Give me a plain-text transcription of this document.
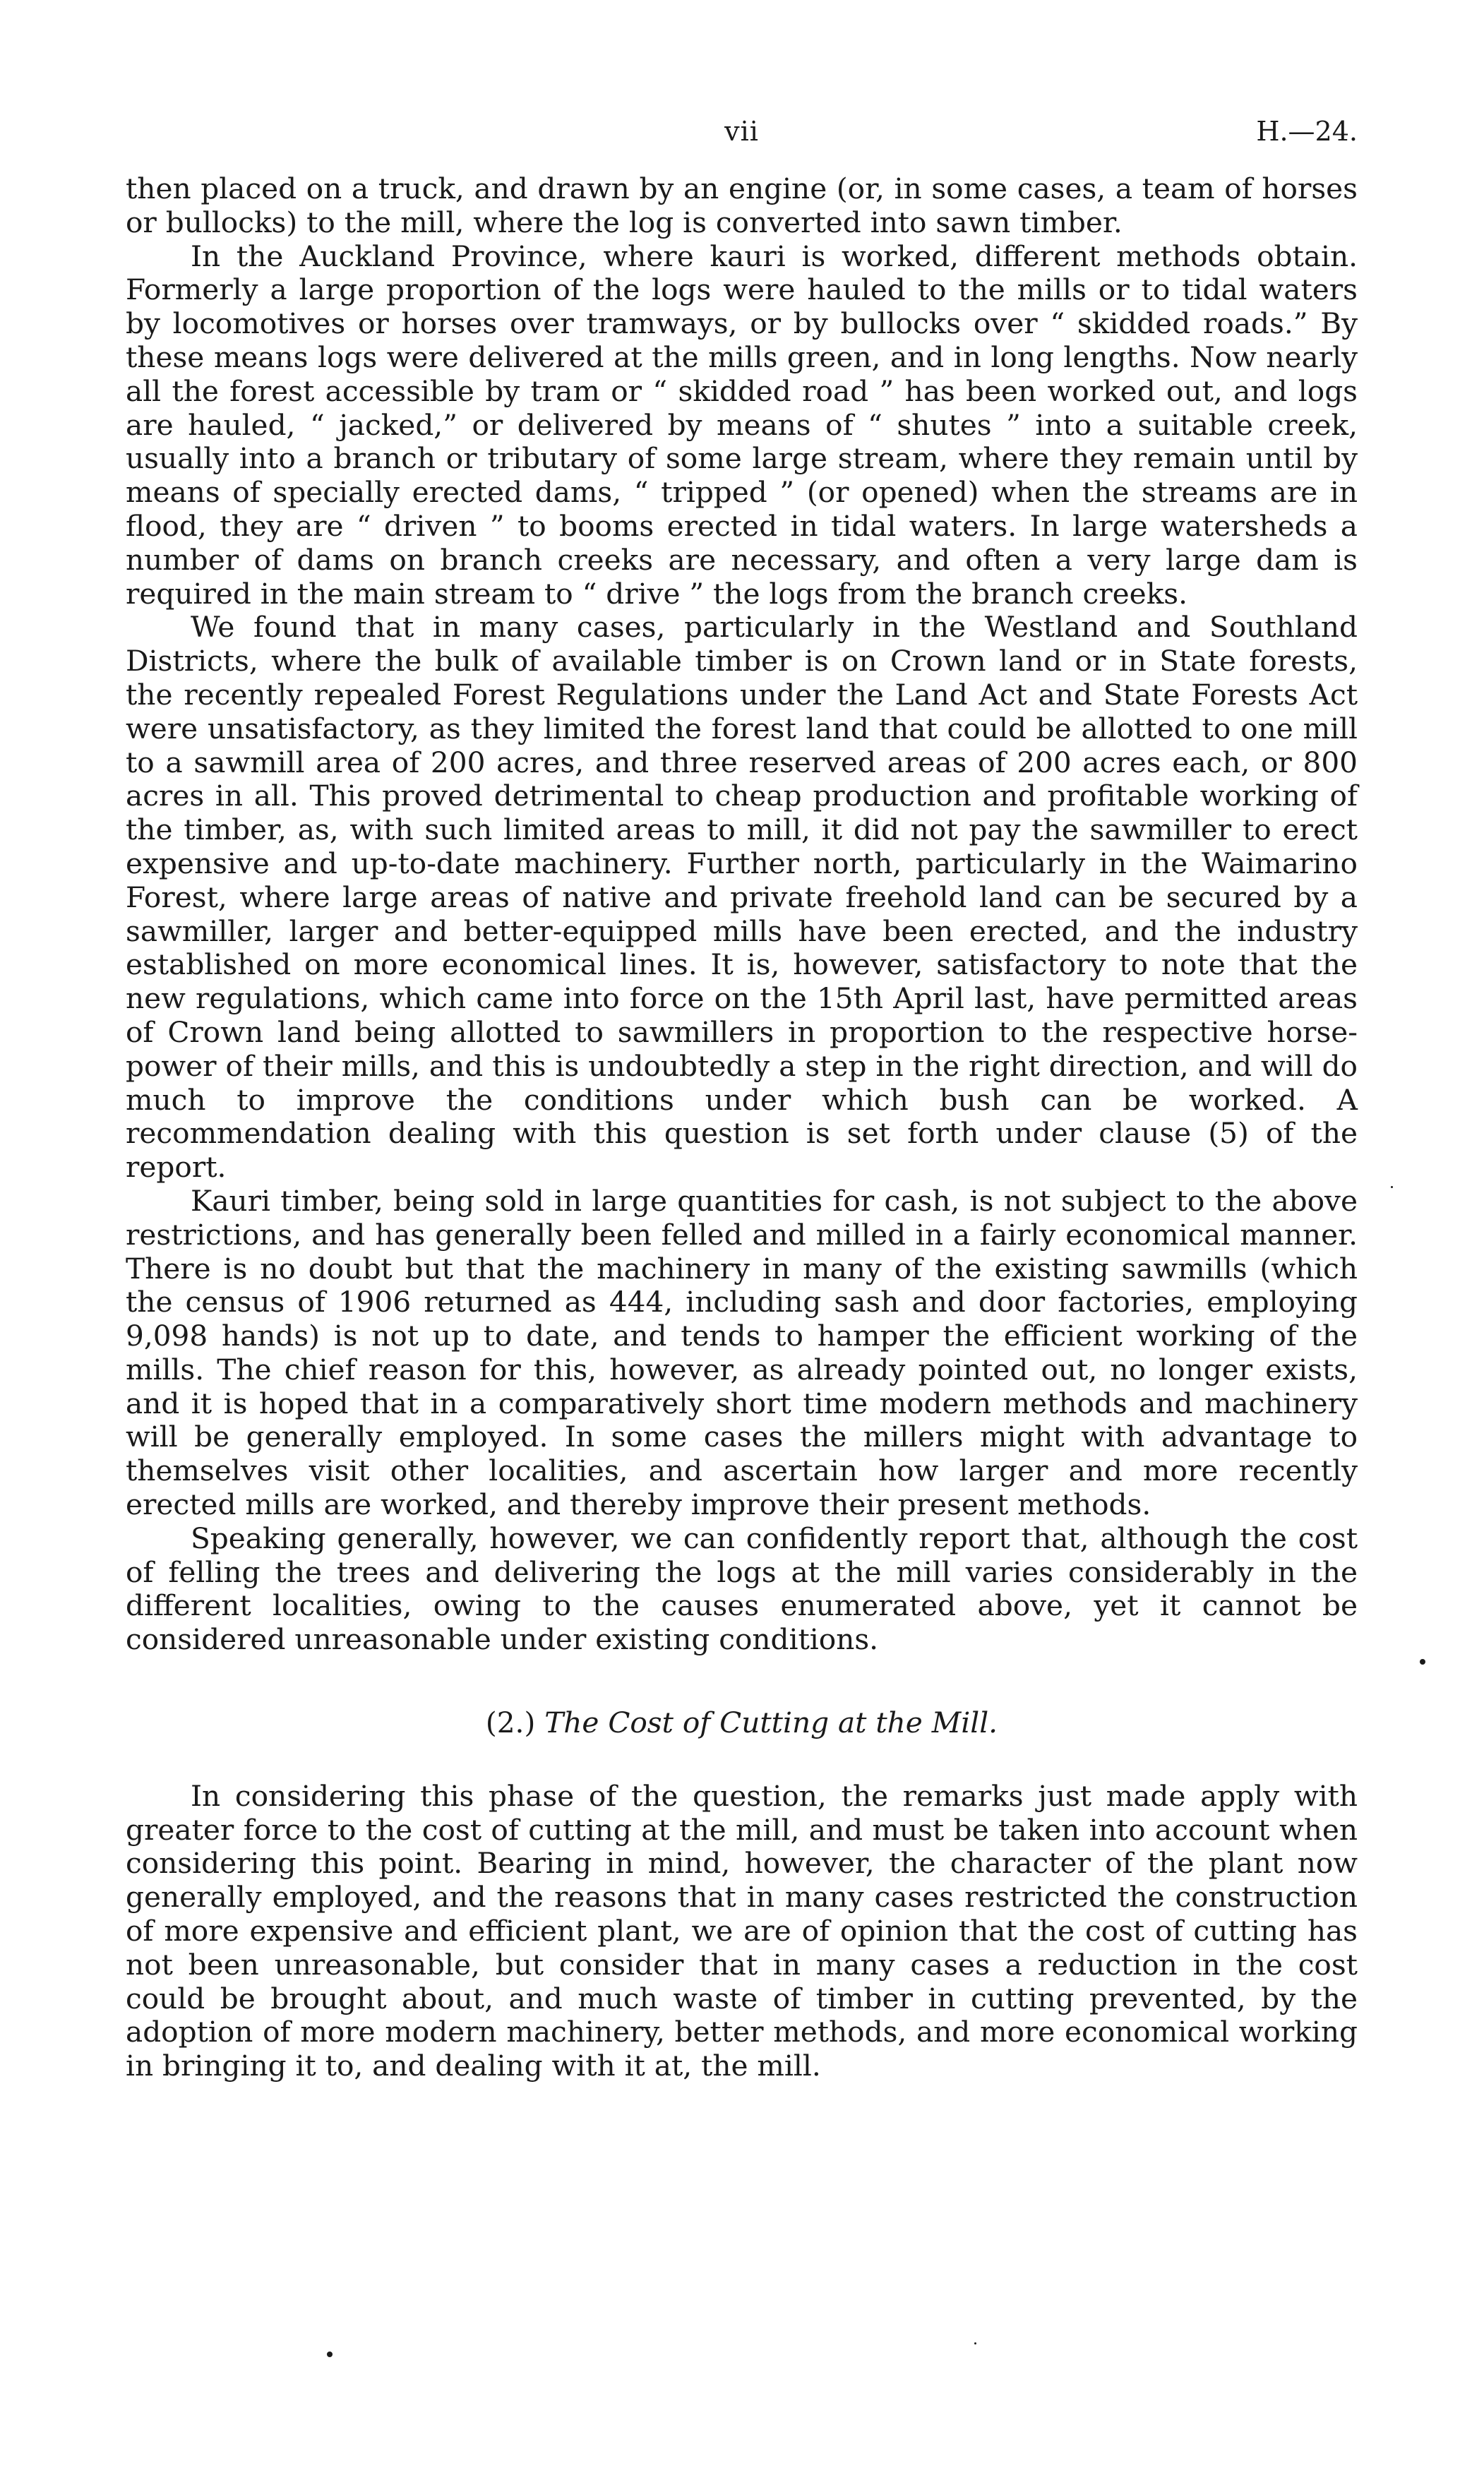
vii	H.—24.

then placed on a truck, and drawn by an engine (or, in some cases, a team of horses or bullocks) to the mill, where the log is converted into sawn timber.

In the Auckland Province, where kauri is worked, different methods obtain. Formerly a large proportion of the logs were hauled to the mills or to tidal waters by locomotives or horses over tramways, or by bullocks over “ skidded roads.” By these means logs were delivered at the mills green, and in long lengths. Now nearly all the forest accessible by tram or “ skidded road ” has been worked out, and logs are hauled, “ jacked,” or delivered by means of “ shutes ” into a suitable creek, usually into a branch or tributary of some large stream, where they remain until by means of specially erected dams, “ tripped ” (or opened) when the streams are in flood, they are “ driven ” to booms erected in tidal waters. In large watersheds a number of dams on branch creeks are necessary, and often a very large dam is required in the main stream to “ drive ” the logs from the branch creeks.

We found that in many cases, particularly in the Westland and Southland Districts, where the bulk of available timber is on Crown land or in State forests, the recently repealed Forest Regulations under the Land Act and State Forests Act were unsatisfactory, as they limited the forest land that could be allotted to one mill to a sawmill area of 200 acres, and three reserved areas of 200 acres each, or 800 acres in all. This proved detrimental to cheap production and profitable working of the timber, as, with such limited areas to mill, it did not pay the sawmiller to erect expensive and up-to-date machinery. Further north, particularly in the Waimarino Forest, where large areas of native and private freehold land can be secured by a sawmiller, larger and better-equipped mills have been erected, and the industry established on more economical lines. It is, however, satisfactory to note that the new regulations, which came into force on the 15th April last, have permitted areas of Crown land being allotted to sawmillers in proportion to the respective horse-power of their mills, and this is undoubtedly a step in the right direction, and will do much to improve the conditions under which bush can be worked. A recommendation dealing with this question is set forth under clause (5) of the report.

Kauri timber, being sold in large quantities for cash, is not subject to the above restrictions, and has generally been felled and milled in a fairly economical manner. There is no doubt but that the machinery in many of the existing sawmills (which the census of 1906 returned as 444, including sash and door factories, employing 9,098 hands) is not up to date, and tends to hamper the efficient working of the mills. The chief reason for this, however, as already pointed out, no longer exists, and it is hoped that in a comparatively short time modern methods and machinery will be generally employed. In some cases the millers might with advantage to themselves visit other localities, and ascertain how larger and more recently erected mills are worked, and thereby improve their present methods.

Speaking generally, however, we can confidently report that, although the cost of felling the trees and delivering the logs at the mill varies considerably in the different localities, owing to the causes enumerated above, yet it cannot be considered unreasonable under existing conditions.

(2.) The Cost of Cutting at the Mill.

In considering this phase of the question, the remarks just made apply with greater force to the cost of cutting at the mill, and must be taken into account when considering this point. Bearing in mind, however, the character of the plant now generally employed, and the reasons that in many cases restricted the construction of more expensive and efficient plant, we are of opinion that the cost of cutting has not been unreasonable, but consider that in many cases a reduction in the cost could be brought about, and much waste of timber in cutting prevented, by the adoption of more modern machinery, better methods, and more economical working in bringing it to, and dealing with it at, the mill.
